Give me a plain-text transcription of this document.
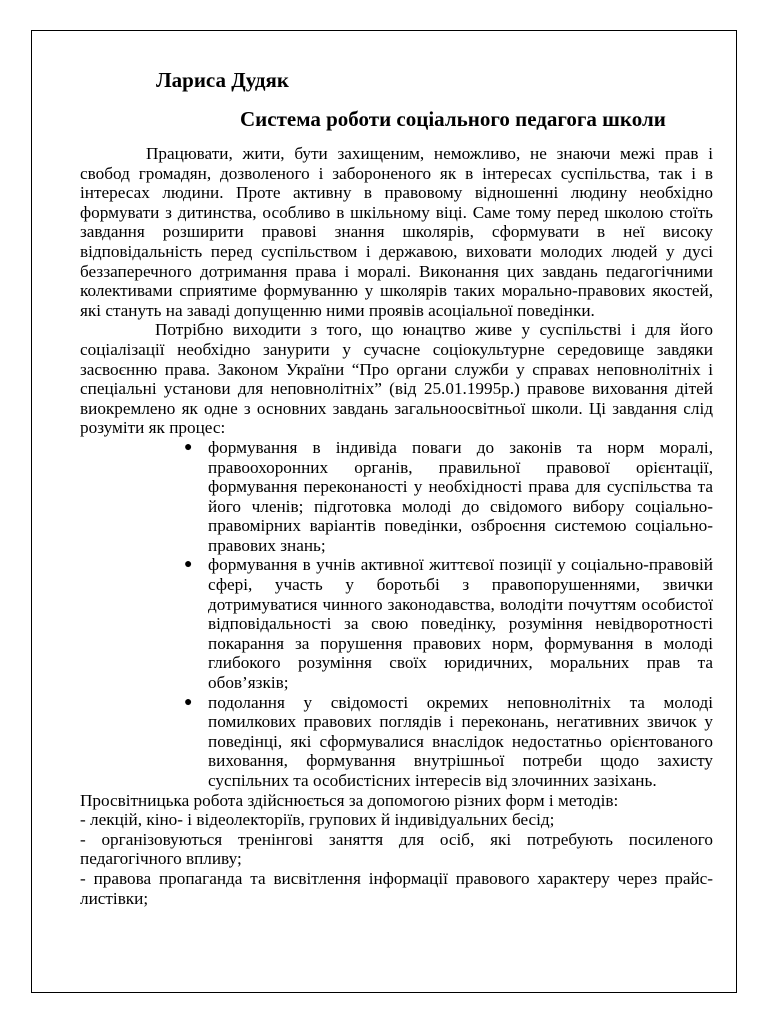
Лариса Дудяк
Система роботи соціального педагога школи

Працювати, жити, бути захищеним, неможливо, не знаючи межі прав і свобод громадян, дозволеного і забороненого як в інтересах суспільства, так і в інтересах людини. Проте активну в правовому відношенні людину необхідно формувати з дитинства, особливо в шкільному віці. Саме тому перед школою стоїть завдання розширити правові знання школярів, сформувати в неї високу відповідальність перед суспільством і державою, виховати молодих людей у дусі беззаперечного дотримання права і моралі. Виконання цих завдань педагогічними колективами сприятиме формуванню у школярів таких морально-правових якостей, які стануть на заваді допущенню ними проявів асоціальної поведінки.

Потрібно виходити з того, що юнацтво живе у суспільстві і для його соціалізації необхідно занурити у сучасне соціокультурне середовище завдяки засвоєнню права. Законом України “Про органи служби у справах неповнолітніх і спеціальні установи для неповнолітніх” (від 25.01.1995р.) правове виховання дітей виокремлено як одне з основних завдань загальноосвітньої школи. Ці завдання слід розуміти як процес:

● формування в індивіда поваги до законів та норм моралі, правоохоронних органів, правильної правової орієнтації, формування переконаності у необхідності права для суспільства та його членів; підготовка молоді до свідомого вибору соціально-правомірних варіантів поведінки, озброєння системою соціально-правових знань;
● формування в учнів активної життєвої позиції у соціально-правовій сфері, участь у боротьбі з правопорушеннями, звички дотримуватися чинного законодавства, володіти почуттям особистої відповідальності за свою поведінку, розуміння невідворотності покарання за порушення правових норм, формування в молоді глибокого розуміння своїх юридичних, моральних прав та обов’язків;
● подолання у свідомості окремих неповнолітніх та молоді помилкових правових поглядів і переконань, негативних звичок у поведінці, які сформувалися внаслідок недостатньо орієнтованого виховання, формування внутрішньої потреби щодо захисту суспільних та особистісних інтересів від злочинних зазіхань.

Просвітницька робота здійснюється за допомогою різних форм і методів:

- лекцій, кіно- і відеолекторіїв, групових й індивідуальних бесід;

- організовуються тренінгові заняття для осіб, які потребують посиленого педагогічного впливу;

- правова пропаганда та висвітлення інформації правового характеру через прайс-листівки;
